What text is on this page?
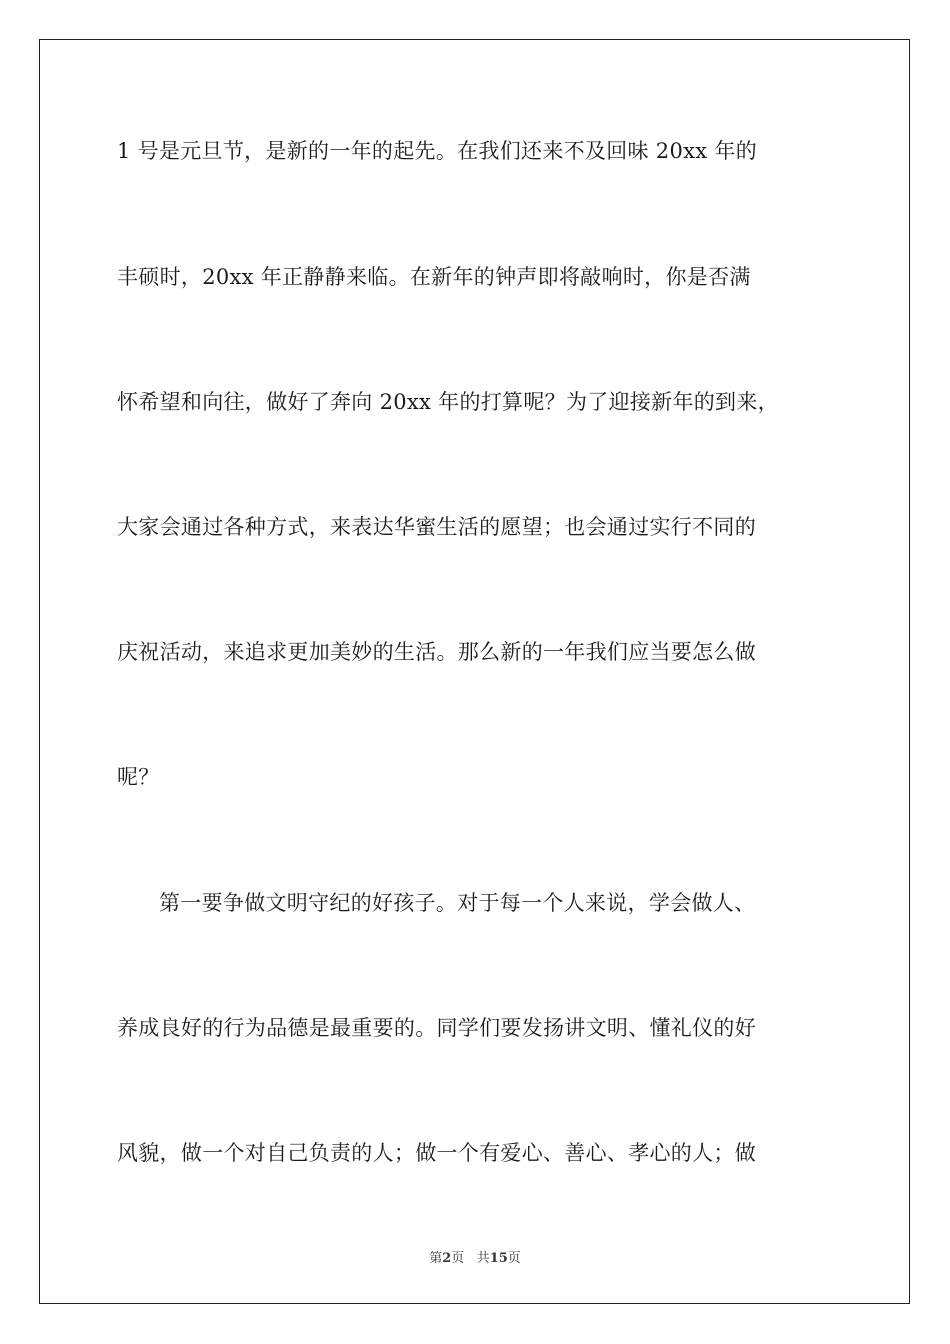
1 号是元旦节，是新的一年的起先。在我们还来不及回味 20xx 年的
丰硕时，20xx 年正静静来临。在新年的钟声即将敲响时，你是否满
怀希望和向往，做好了奔向 20xx 年的打算呢？为了迎接新年的到来，
大家会通过各种方式，来表达华蜜生活的愿望；也会通过实行不同的
庆祝活动，来追求更加美妙的生活。那么新的一年我们应当要怎么做
呢？
第一要争做文明守纪的好孩子。对于每一个人来说，学会做人、
养成良好的行为品德是最重要的。同学们要发扬讲文明、懂礼仪的好
风貌，做一个对自己负责的人；做一个有爱心、善心、孝心的人；做
第2页 共15页
